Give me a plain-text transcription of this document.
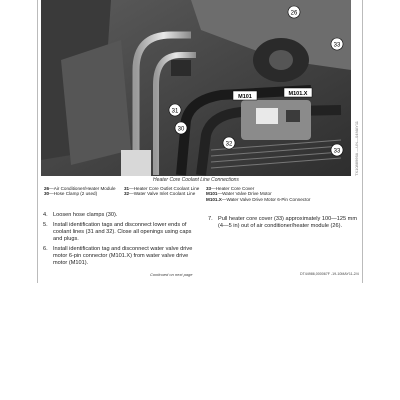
26
33
31
30
32
33
M101	M101.X
TX1088966A —UN—04MAY11
Heater Core Coolant Line Connections
26—Air Conditioner/Heater Module
30—Hose Clamp (2 used)
31—Heater Core Outlet Coolant Line
32—Water Valve Inlet Coolant Line
33—Heater Core Cover
M101—Water Valve Drive Motor
M101.X—Water Valve Drive Motor 6-Pin Connector
4. Loosen hose clamps (30).
5. Install identification tags and disconnect lower ends of coolant lines (31 and 32). Close all openings using caps and plugs.
6. Install identification tag and disconnect water valve drive motor 6-pin connector (M101.X) from water valve drive motor (M101).
7. Pull heater core cover (33) approximately 100—125 mm (4—5 in) out of air conditioner/heater module (26).
Continued on next page	DT44986,000067F -19-10MAY11-2/4
